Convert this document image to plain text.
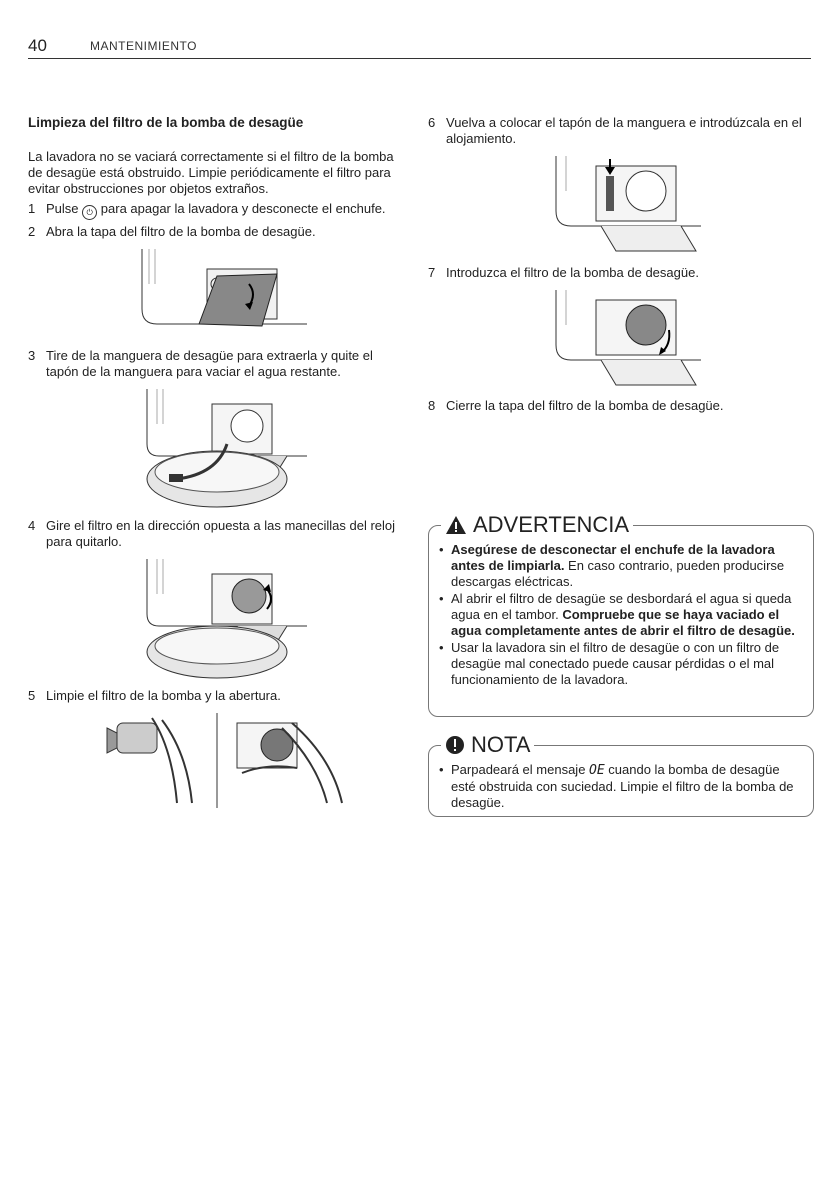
40	MANTENIMIENTO
Limpieza del filtro de la bomba de desagüe

La lavadora no se vaciará correctamente si el filtro de la bomba de desagüe está obstruido. Limpie periódicamente el filtro para evitar obstrucciones por objetos extraños.

1 Pulse ⏻ para apagar la lavadora y desconecte el enchufe.
2 Abra la tapa del filtro de la bomba de desagüe.
3 Tire de la manguera de desagüe para extraerla y quite el tapón de la manguera para vaciar el agua restante.
4 Gire el filtro en la dirección opuesta a las manecillas del reloj para quitarlo.
5 Limpie el filtro de la bomba y la abertura.
6 Vuelva a colocar el tapón de la manguera e introdúzcala en el alojamiento.
7 Introduzca el filtro de la bomba de desagüe.
8 Cierre la tapa del filtro de la bomba de desagüe.
ADVERTENCIA
• Asegúrese de desconectar el enchufe de la lavadora antes de limpiarla. En caso contrario, pueden producirse descargas eléctricas.
• Al abrir el filtro de desagüe se desbordará el agua si queda agua en el tambor. Compruebe que se haya vaciado el agua completamente antes de abrir el filtro de desagüe.
• Usar la lavadora sin el filtro de desagüe o con un filtro de desagüe mal conectado puede causar pérdidas o el mal funcionamiento de la lavadora.
NOTA
• Parpadeará el mensaje OE cuando la bomba de desagüe esté obstruida con suciedad. Limpie el filtro de la bomba de desagüe.
